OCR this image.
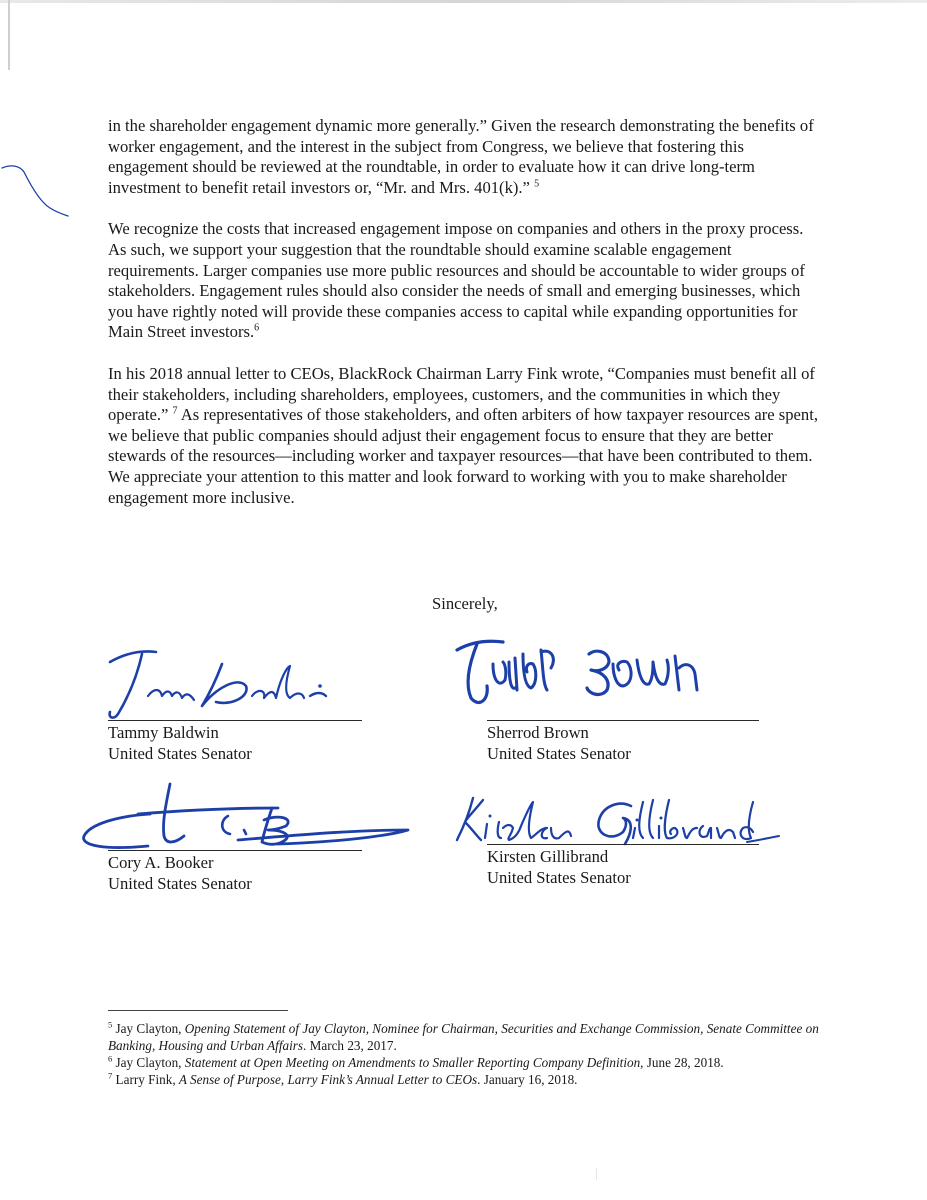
in the shareholder engagement dynamic more generally.” Given the research demonstrating the benefits of worker engagement, and the interest in the subject from Congress, we believe that fostering this engagement should be reviewed at the roundtable, in order to evaluate how it can drive long-term investment to benefit retail investors or, “Mr. and Mrs. 401(k).” $^5$

We recognize the costs that increased engagement impose on companies and others in the proxy process. As such, we support your suggestion that the roundtable should examine scalable engagement requirements. Larger companies use more public resources and should be accountable to wider groups of stakeholders. Engagement rules should also consider the needs of small and emerging businesses, which you have rightly noted will provide these companies access to capital while expanding opportunities for Main Street investors.$^6$

In his 2018 annual letter to CEOs, BlackRock Chairman Larry Fink wrote, “Companies must benefit all of their stakeholders, including shareholders, employees, customers, and the communities in which they operate.” $^7$ As representatives of those stakeholders, and often arbiters of how taxpayer resources are spent, we believe that public companies should adjust their engagement focus to ensure that they are better stewards of the resources—including worker and taxpayer resources—that have been contributed to them. We appreciate your attention to this matter and look forward to working with you to make shareholder engagement more inclusive.

Sincerely,
Tammy Baldwin
United States Senator
Sherrod Brown
United States Senator
Cory A. Booker
United States Senator
Kirsten Gillibrand
United States Senator

$^5$ Jay Clayton, Opening Statement of Jay Clayton, Nominee for Chairman, Securities and Exchange Commission, Senate Committee on Banking, Housing and Urban Affairs. March 23, 2017.

$^6$ Jay Clayton, Statement at Open Meeting on Amendments to Smaller Reporting Company Definition, June 28, 2018.

$^7$ Larry Fink, A Sense of Purpose, Larry Fink’s Annual Letter to CEOs. January 16, 2018.
